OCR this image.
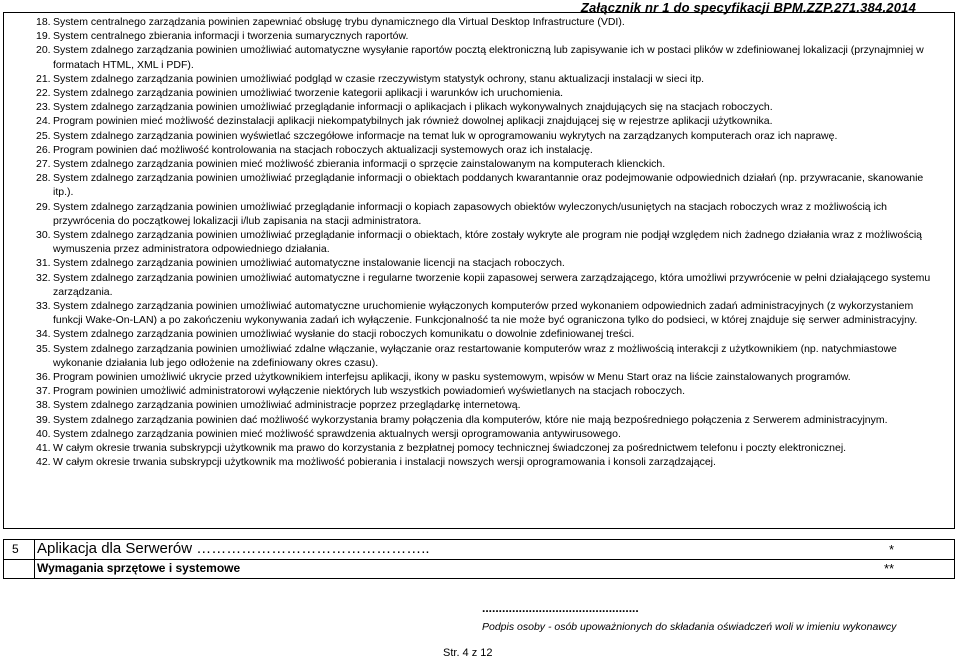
Załącznik nr 1 do specyfikacji BPM.ZZP.271.384.2014
18. System centralnego zarządzania powinien zapewniać obsługę trybu dynamicznego dla Virtual Desktop Infrastructure (VDI).
19. System centralnego zbierania informacji i tworzenia sumarycznych raportów.
20. System zdalnego zarządzania powinien umożliwiać automatyczne wysyłanie raportów pocztą elektroniczną lub zapisywanie ich w postaci plików w zdefiniowanej lokalizacji (przynajmniej w formatach HTML, XML i PDF).
21. System zdalnego zarządzania powinien umożliwiać podgląd w czasie rzeczywistym statystyk ochrony, stanu aktualizacji instalacji w sieci itp.
22. System zdalnego zarządzania powinien umożliwiać tworzenie kategorii aplikacji i warunków ich uruchomienia.
23. System zdalnego zarządzania powinien umożliwiać przeglądanie informacji o aplikacjach i plikach wykonywalnych znajdujących się na stacjach roboczych.
24. Program powinien mieć możliwość dezinstalacji aplikacji niekompatybilnych jak również dowolnej aplikacji znajdującej się w rejestrze aplikacji użytkownika.
25. System zdalnego zarządzania powinien wyświetlać szczegółowe informacje na temat luk w oprogramowaniu wykrytych na zarządzanych komputerach oraz ich naprawę.
26. Program powinien dać możliwość kontrolowania na stacjach roboczych aktualizacji systemowych oraz ich instalację.
27. System zdalnego zarządzania powinien mieć możliwość zbierania informacji o sprzęcie zainstalowanym na komputerach klienckich.
28. System zdalnego zarządzania powinien umożliwiać przeglądanie informacji o obiektach poddanych kwarantannie oraz podejmowanie odpowiednich działań (np. przywracanie, skanowanie itp.).
29. System zdalnego zarządzania powinien umożliwiać przeglądanie informacji o kopiach zapasowych obiektów wyleczonych/usuniętych na stacjach roboczych wraz z możliwością ich przywrócenia do początkowej lokalizacji i/lub zapisania na stacji administratora.
30. System zdalnego zarządzania powinien umożliwiać przeglądanie informacji o obiektach, które zostały wykryte ale program nie podjął względem nich żadnego działania wraz z możliwością wymuszenia przez administratora odpowiedniego działania.
31. System zdalnego zarządzania powinien umożliwiać automatyczne instalowanie licencji na stacjach roboczych.
32. System zdalnego zarządzania powinien umożliwiać automatyczne i regularne tworzenie kopii zapasowej serwera zarządzającego, która umożliwi przywrócenie w pełni działającego systemu zarządzania.
33. System zdalnego zarządzania powinien umożliwiać automatyczne uruchomienie wyłączonych komputerów przed wykonaniem odpowiednich zadań administracyjnych (z wykorzystaniem funkcji Wake-On-LAN) a po zakończeniu wykonywania zadań ich wyłączenie. Funkcjonalność ta nie może być ograniczona tylko do podsieci, w której znajduje się serwer administracyjny.
34. System zdalnego zarządzania powinien umożliwiać wysłanie do stacji roboczych komunikatu o dowolnie zdefiniowanej treści.
35. System zdalnego zarządzania powinien umożliwiać zdalne włączanie, wyłączanie oraz restartowanie komputerów wraz z możliwością interakcji z użytkownikiem (np. natychmiastowe wykonanie działania lub jego odłożenie na zdefiniowany okres czasu).
36. Program powinien umożliwić ukrycie przed użytkownikiem interfejsu aplikacji, ikony w pasku systemowym, wpisów w Menu Start oraz na liście zainstalowanych programów.
37. Program powinien umożliwić administratorowi wyłączenie niektórych lub wszystkich powiadomień wyświetlanych na stacjach roboczych.
38. System zdalnego zarządzania powinien umożliwiać administracje poprzez przeglądarkę internetową.
39. System zdalnego zarządzania powinien dać możliwość wykorzystania bramy połączenia dla komputerów, które nie mają bezpośredniego połączenia z Serwerem administracyjnym.
40. System zdalnego zarządzania powinien mieć możliwość sprawdzenia aktualnych wersji oprogramowania antywirusowego.
41. W całym okresie trwania subskrypcji użytkownik ma prawo do korzystania z bezpłatnej pomocy technicznej świadczonej za pośrednictwem telefonu i poczty elektronicznej.
42. W całym okresie trwania subskrypcji użytkownik ma możliwość pobierania i instalacji nowszych wersji oprogramowania i konsoli zarządzającej.
5 Aplikacja dla Serwerów ………………………………………..	*
Wymagania sprzętowe i systemowe	**
...............................................
Podpis osoby - osób upoważnionych do składania oświadczeń woli w imieniu wykonawcy
Str. 4 z 12
